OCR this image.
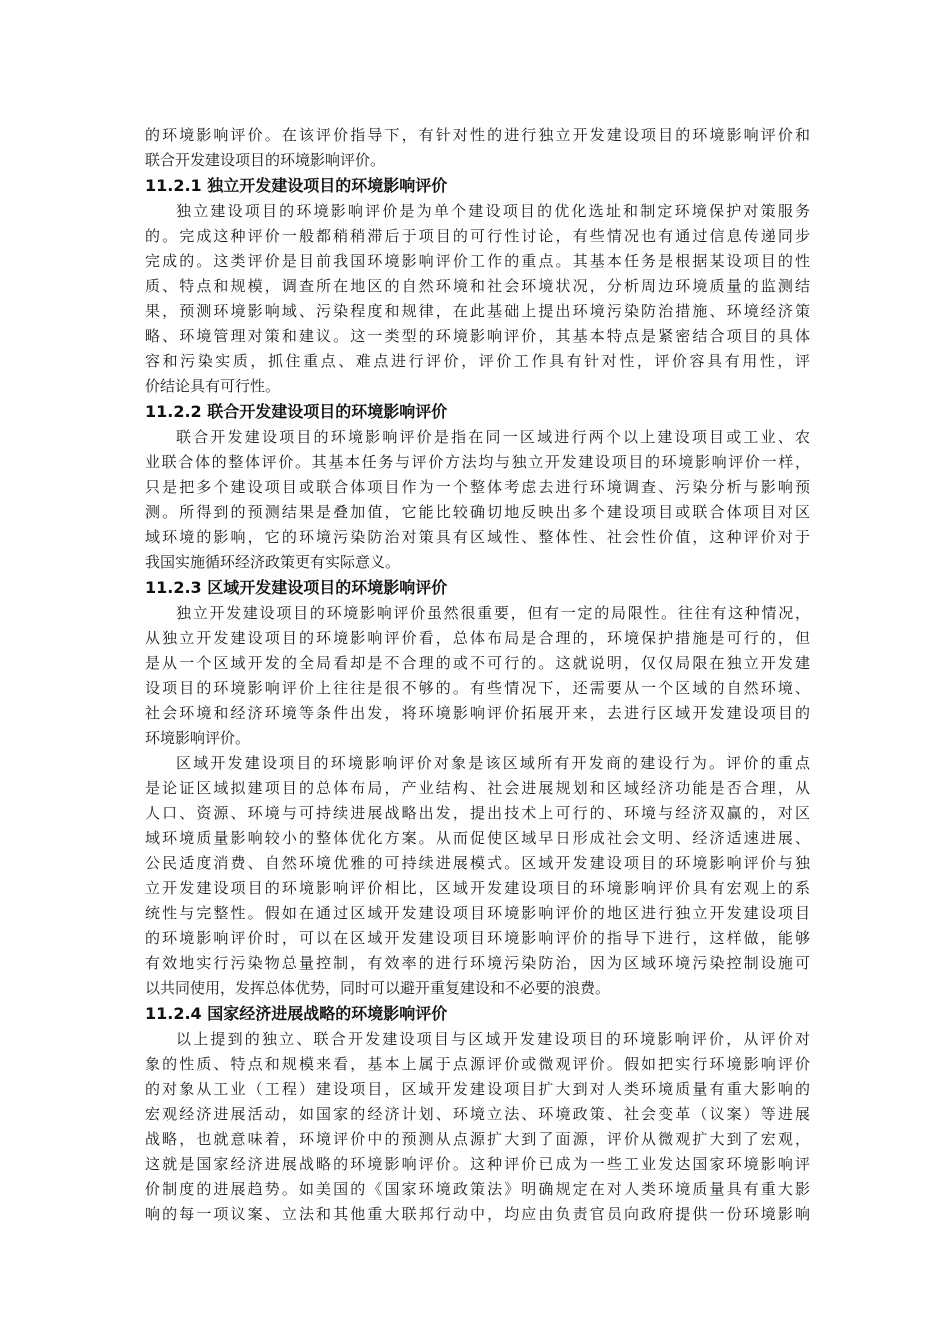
的环境影响评价。在该评价指导下，有针对性的进行独立开发建设项目的环境影响评价和
联合开发建设项目的环境影响评价。
11.2.1 独立开发建设项目的环境影响评价
独立建设项目的环境影响评价是为单个建设项目的优化选址和制定环境保护对策服务
的。完成这种评价一般都稍稍滞后于项目的可行性讨论，有些情况也有通过信息传递同步
完成的。这类评价是目前我国环境影响评价工作的重点。其基本任务是根据某设项目的性
质、特点和规模，调查所在地区的自然环境和社会环境状况，分析周边环境质量的监测结
果，预测环境影响域、污染程度和规律，在此基础上提出环境污染防治措施、环境经济策
略、环境管理对策和建议。这一类型的环境影响评价，其基本特点是紧密结合项目的具体
容和污染实质，抓住重点、难点进行评价，评价工作具有针对性，评价容具有用性，评
价结论具有可行性。
11.2.2 联合开发建设项目的环境影响评价
联合开发建设项目的环境影响评价是指在同一区域进行两个以上建设项目或工业、农
业联合体的整体评价。其基本任务与评价方法均与独立开发建设项目的环境影响评价一样，
只是把多个建设项目或联合体项目作为一个整体考虑去进行环境调查、污染分析与影响预
测。所得到的预测结果是叠加值，它能比较确切地反映出多个建设项目或联合体项目对区
域环境的影响，它的环境污染防治对策具有区域性、整体性、社会性价值，这种评价对于
我国实施循环经济政策更有实际意义。
11.2.3 区域开发建设项目的环境影响评价
独立开发建设项目的环境影响评价虽然很重要，但有一定的局限性。往往有这种情况，
从独立开发建设项目的环境影响评价看，总体布局是合理的，环境保护措施是可行的，但
是从一个区域开发的全局看却是不合理的或不可行的。这就说明，仅仅局限在独立开发建
设项目的环境影响评价上往往是很不够的。有些情况下，还需要从一个区域的自然环境、
社会环境和经济环境等条件出发，将环境影响评价拓展开来，去进行区域开发建设项目的
环境影响评价。
区域开发建设项目的环境影响评价对象是该区域所有开发商的建设行为。评价的重点
是论证区域拟建项目的总体布局，产业结构、社会进展规划和区域经济功能是否合理，从
人口、资源、环境与可持续进展战略出发，提出技术上可行的、环境与经济双赢的，对区
域环境质量影响较小的整体优化方案。从而促使区域早日形成社会文明、经济适速进展、
公民适度消费、自然环境优雅的可持续进展模式。区域开发建设项目的环境影响评价与独
立开发建设项目的环境影响评价相比，区域开发建设项目的环境影响评价具有宏观上的系
统性与完整性。假如在通过区域开发建设项目环境影响评价的地区进行独立开发建设项目
的环境影响评价时，可以在区域开发建设项目环境影响评价的指导下进行，这样做，能够
有效地实行污染物总量控制，有效率的进行环境污染防治，因为区域环境污染控制设施可
以共同使用，发挥总体优势，同时可以避开重复建设和不必要的浪费。
11.2.4 国家经济进展战略的环境影响评价
以上提到的独立、联合开发建设项目与区域开发建设项目的环境影响评价，从评价对
象的性质、特点和规模来看，基本上属于点源评价或微观评价。假如把实行环境影响评价
的对象从工业（工程）建设项目，区域开发建设项目扩大到对人类环境质量有重大影响的
宏观经济进展活动，如国家的经济计划、环境立法、环境政策、社会变革（议案）等进展
战略，也就意味着，环境评价中的预测从点源扩大到了面源，评价从微观扩大到了宏观，
这就是国家经济进展战略的环境影响评价。这种评价已成为一些工业发达国家环境影响评
价制度的进展趋势。如美国的《国家环境政策法》明确规定在对人类环境质量具有重大影
响的每一项议案、立法和其他重大联邦行动中，均应由负责官员向政府提供一份环境影响
